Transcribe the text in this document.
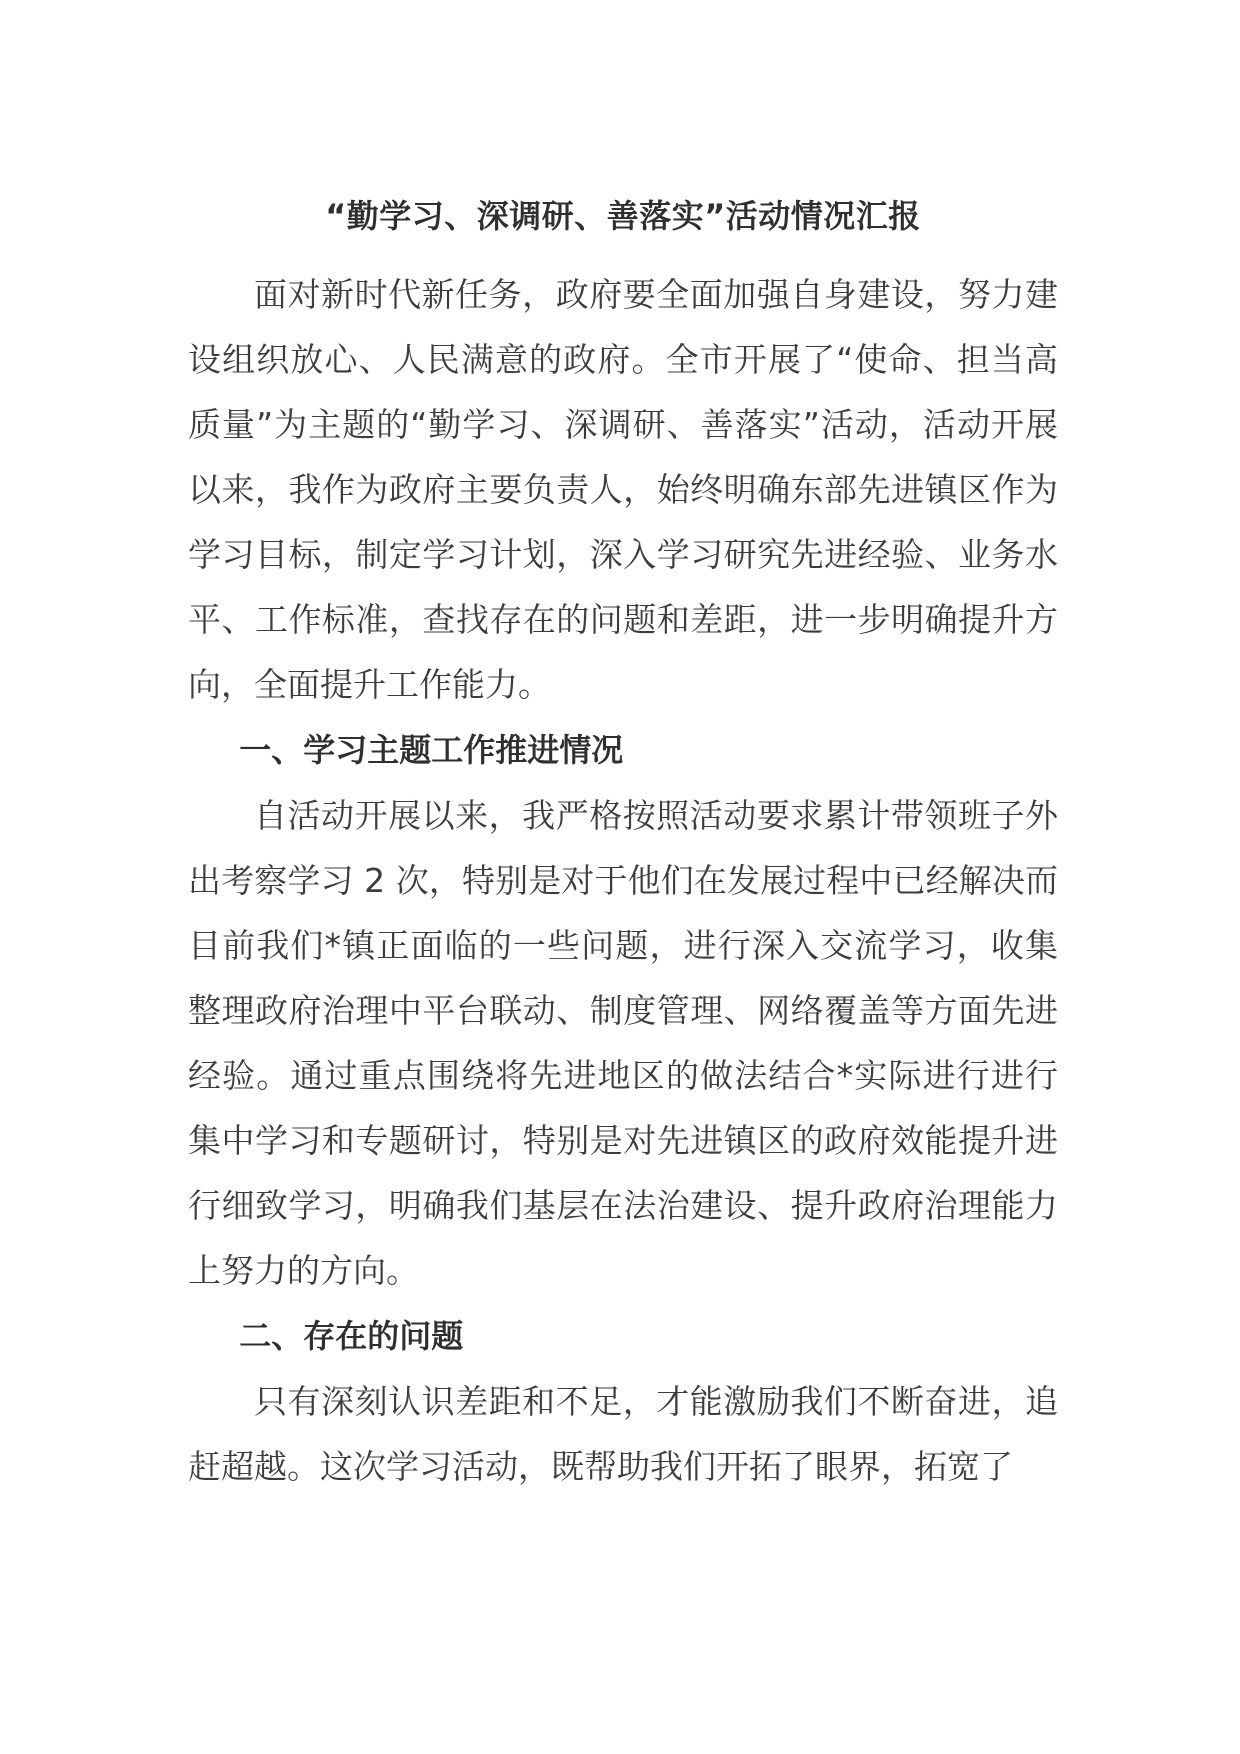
“勤学习、深调研、善落实”活动情况汇报

面对新时代新任务，政府要全面加强自身建设，努力建设组织放心、人民满意的政府。全市开展了“使命、担当高质量”为主题的“勤学习、深调研、善落实”活动，活动开展以来，我作为政府主要负责人，始终明确东部先进镇区作为学习目标，制定学习计划，深入学习研究先进经验、业务水平、工作标准，查找存在的问题和差距，进一步明确提升方向，全面提升工作能力。

一、学习主题工作推进情况

自活动开展以来，我严格按照活动要求累计带领班子外出考察学习 2 次，特别是对于他们在发展过程中已经解决而目前我们*镇正面临的一些问题，进行深入交流学习，收集整理政府治理中平台联动、制度管理、网络覆盖等方面先进经验。通过重点围绕将先进地区的做法结合*实际进行进行集中学习和专题研讨，特别是对先进镇区的政府效能提升进行细致学习，明确我们基层在法治建设、提升政府治理能力上努力的方向。

二、存在的问题

只有深刻认识差距和不足，才能激励我们不断奋进，追赶超越。这次学习活动，既帮助我们开拓了眼界，拓宽了
